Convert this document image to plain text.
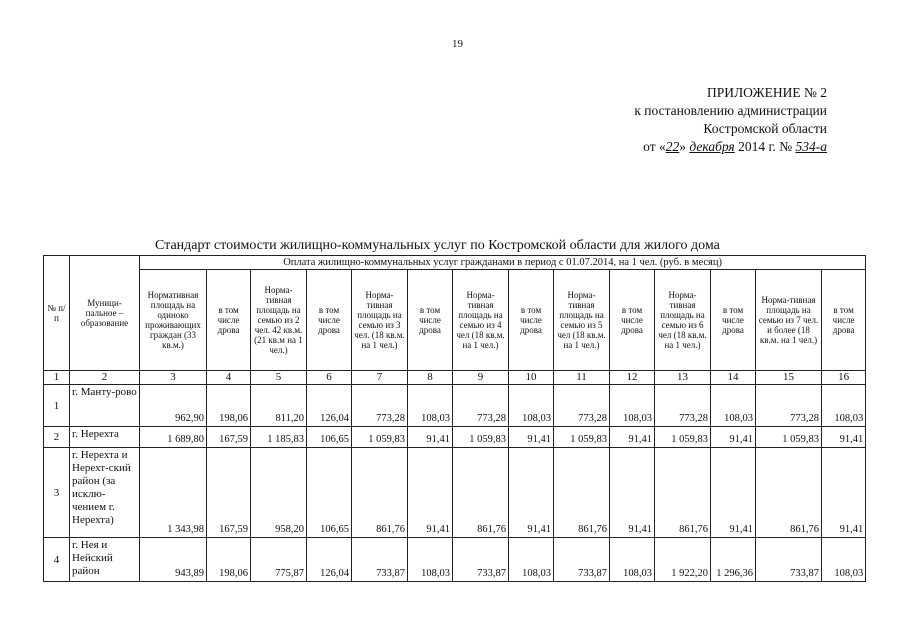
19
ПРИЛОЖЕНИЕ № 2
к постановлению администрации
Костромской области
от «22» декабря 2014 г. № 534-а
Стандарт стоимости жилищно-коммунальных услуг по Костромской области для жилого дома
№ п/п	Муници-пальное – образование	Оплата жилищно-коммунальных услуг гражданами в период с 01.07.2014, на 1 чел. (руб. в месяц)													
		Нормативная площадь на одиноко проживающих граждан (33 кв.м.)	в том числе дрова	Норма-тивная площадь на семью из 2 чел. 42 кв.м. (21 кв.м на 1 чел.)	в том числе дрова	Норма-тивная площадь на семью из 3 чел. (18 кв.м. на 1 чел.)	в том числе дрова	Норма-тивная площадь на семью из 4 чел (18 кв.м. на 1 чел.)	в том числе дрова	Норма-тивная площадь на семью из 5 чел (18 кв.м. на 1 чел.)	в том числе дрова	Норма-тивная площадь на семью из 6 чел (18 кв.м. на 1 чел.)	в том числе дрова	Норма-тивная площадь на семью из 7 чел. и более (18 кв.м. на 1 чел.)	в том числе дрова
1	2	3	4	5	6	7	8	9	10	11	12	13	14	15	16
1	г. Манту-рово	962,90	198,06	811,20	126,04	773,28	108,03	773,28	108,03	773,28	108,03	773,28	108,03	773,28	108,03
2	г. Нерехта	1 689,80	167,59	1 185,83	106,65	1 059,83	91,41	1 059,83	91,41	1 059,83	91,41	1 059,83	91,41	1 059,83	91,41
3	г. Нерехта и Нерехт-ский район (за исклю-чением г. Нерехта)	1 343,98	167,59	958,20	106,65	861,76	91,41	861,76	91,41	861,76	91,41	861,76	91,41	861,76	91,41
4	г. Нея и Нейский район	943,89	198,06	775,87	126,04	733,87	108,03	733,87	108,03	733,87	108,03	1 922,20	1 296,36	733,87	108,03
